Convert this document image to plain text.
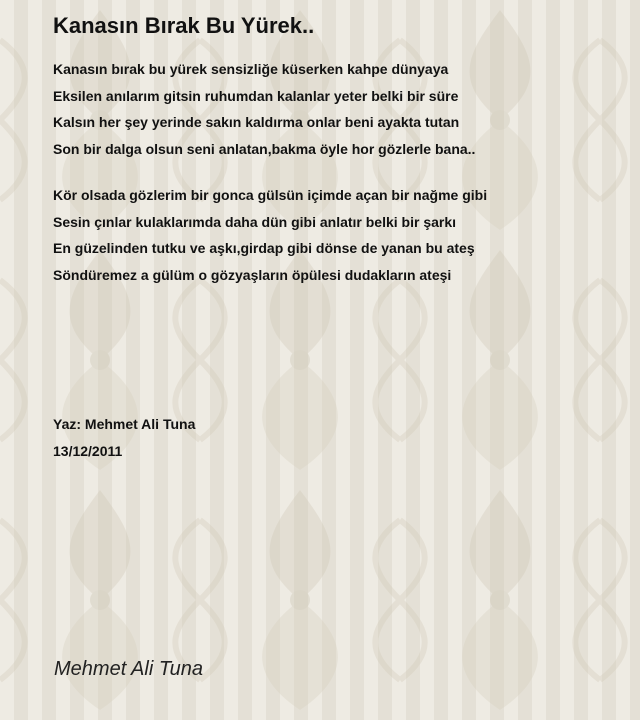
Kanasın Bırak Bu Yürek..
Kanasın bırak bu yürek sensizliğe küserken kahpe dünyaya
Eksilen anılarım gitsin ruhumdan kalanlar yeter belki bir süre
Kalsın her şey yerinde sakın kaldırma onlar beni ayakta tutan
Son bir dalga olsun seni anlatan,bakma öyle hor gözlerle bana..
Kör olsada gözlerim bir gonca gülsün içimde açan bir nağme gibi
Sesin çınlar kulaklarımda daha dün gibi anlatır belki bir şarkı
En güzelinden tutku ve aşkı,girdap gibi dönse de yanan bu ateş
Söndüremez a gülüm o gözyaşların öpülesi dudakların ateşi
Yaz: Mehmet Ali Tuna
13/12/2011
Mehmet Ali Tuna
